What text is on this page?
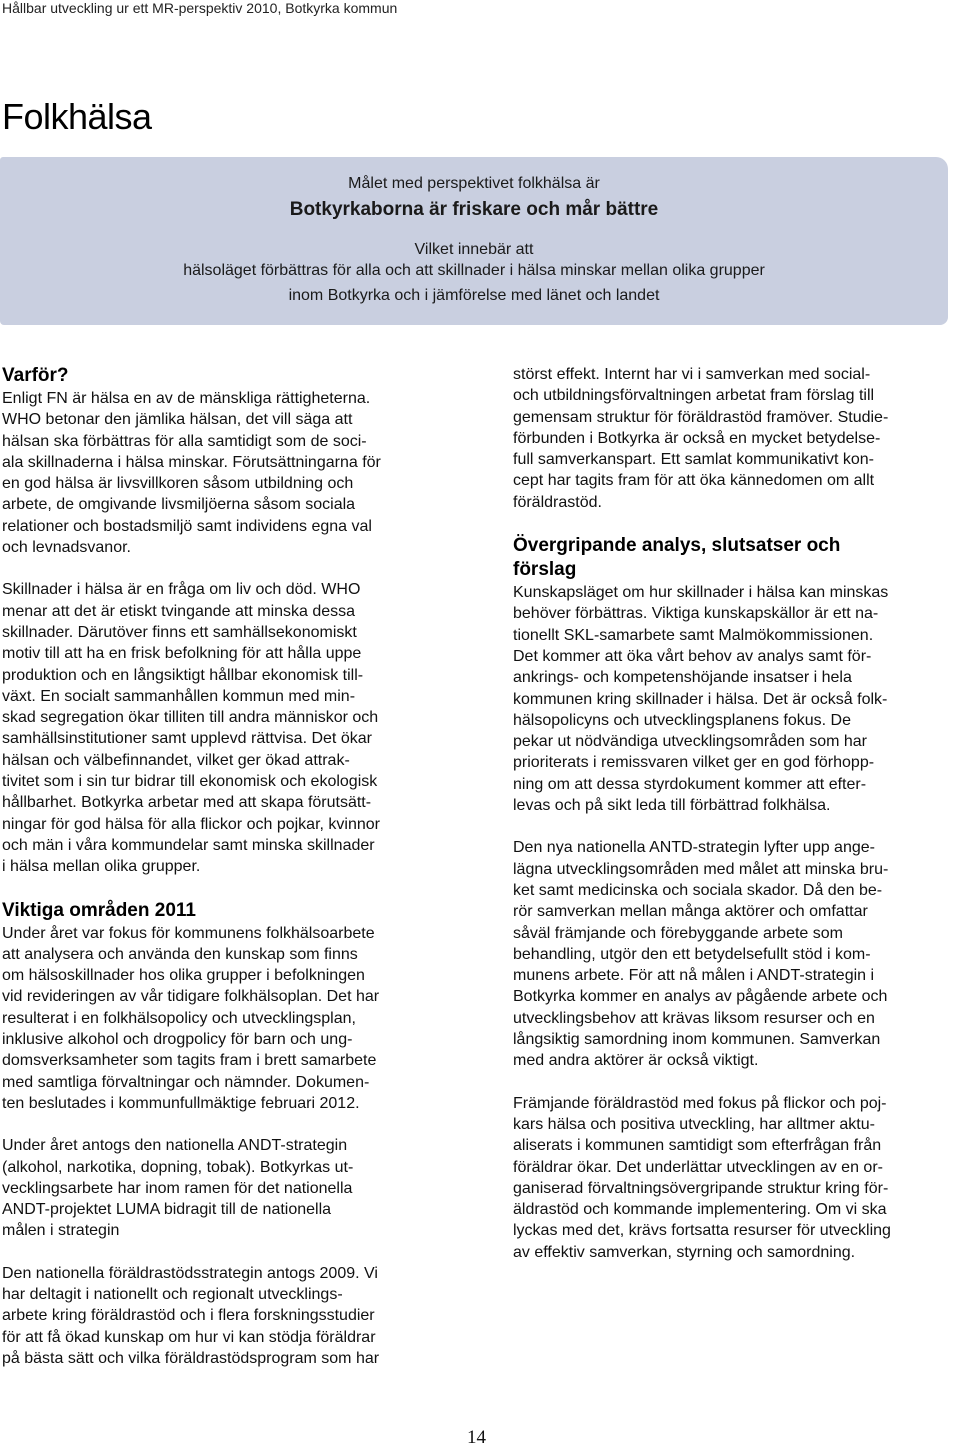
Hållbar utveckling ur ett MR-perspektiv 2010, Botkyrka kommun
Folkhälsa
Målet med perspektivet folkhälsa är
Botkyrkaborna är friskare och mår bättre
Vilket innebär att
hälsoläget förbättras för alla och att skillnader i hälsa minskar mellan olika grupper
inom Botkyrka och i jämförelse med länet och landet
Varför?

Enligt FN är hälsa en av de mänskliga rättigheterna.
WHO betonar den jämlika hälsan, det vill säga att
hälsan ska förbättras för alla samtidigt som de soci-
ala skillnaderna i hälsa minskar. Förutsättningarna för
en god hälsa är livsvillkoren såsom utbildning och
arbete, de omgivande livsmiljöerna såsom sociala
relationer och bostadsmiljö samt individens egna val
och levnadsvanor.

Skillnader i hälsa är en fråga om liv och död. WHO
menar att det är etiskt tvingande att minska dessa
skillnader. Därutöver finns ett samhällsekonomiskt
motiv till att ha en frisk befolkning för att hålla uppe
produktion och en långsiktigt hållbar ekonomisk till-
växt. En socialt sammanhållen kommun med min-
skad segregation ökar tilliten till andra människor och
samhällsinstitutioner samt upplevd rättvisa. Det ökar
hälsan och välbefinnandet, vilket ger ökad attrak-
tivitet som i sin tur bidrar till ekonomisk och ekologisk
hållbarhet. Botkyrka arbetar med att skapa förutsätt-
ningar för god hälsa för alla flickor och pojkar, kvinnor
och män i våra kommundelar samt minska skillnader
i hälsa mellan olika grupper.

Viktiga områden 2011

Under året var fokus för kommunens folkhälsoarbete
att analysera och använda den kunskap som finns
om hälsoskillnader hos olika grupper i befolkningen
vid revideringen av vår tidigare folkhälsoplan. Det har
resulterat i en folkhälsopolicy och utvecklingsplan,
inklusive alkohol och drogpolicy för barn och ung-
domsverksamheter som tagits fram i brett samarbete
med samtliga förvaltningar och nämnder. Dokumen-
ten beslutades i kommunfullmäktige februari 2012.

Under året antogs den nationella ANDT-strategin
(alkohol, narkotika, dopning, tobak). Botkyrkas ut-
vecklingsarbete har inom ramen för det nationella
ANDT-projektet LUMA bidragit till de nationella
målen i strategin

Den nationella föräldrastödsstrategin antogs 2009. Vi
har deltagit i nationellt och regionalt utvecklings-
arbete kring föräldrastöd och i flera forskningsstudier
för att få ökad kunskap om hur vi kan stödja föräldrar
på bästa sätt och vilka föräldrastödsprogram som har

störst effekt. Internt har vi i samverkan med social-
och utbildningsförvaltningen arbetat fram förslag till
gemensam struktur för föräldrastöd framöver. Studie-
förbunden i Botkyrka är också en mycket betydelse-
full samverkanspart. Ett samlat kommunikativt kon-
cept har tagits fram för att öka kännedomen om allt
föräldrastöd.

Övergripande analys, slutsatser och
förslag

Kunskapsläget om hur skillnader i hälsa kan minskas
behöver förbättras. Viktiga kunskapskällor är ett na-
tionellt SKL-samarbete samt Malmökommissionen.
Det kommer att öka vårt behov av analys samt för-
ankrings- och kompetenshöjande insatser i hela
kommunen kring skillnader i hälsa. Det är också folk-
hälsopolicyns och utvecklingsplanens fokus. De
pekar ut nödvändiga utvecklingsområden som har
prioriterats i remissvaren vilket ger en god förhopp-
ning om att dessa styrdokument kommer att efter-
levas och på sikt leda till förbättrad folkhälsa.

Den nya nationella ANTD-strategin lyfter upp ange-
lägna utvecklingsområden med målet att minska bru-
ket samt medicinska och sociala skador. Då den be-
rör samverkan mellan många aktörer och omfattar
såväl främjande och förebyggande arbete som
behandling, utgör den ett betydelsefullt stöd i kom-
munens arbete. För att nå målen i ANDT-strategin i
Botkyrka kommer en analys av pågående arbete och
utvecklingsbehov att krävas liksom resurser och en
långsiktig samordning inom kommunen. Samverkan
med andra aktörer är också viktigt.

Främjande föräldrastöd med fokus på flickor och poj-
kars hälsa och positiva utveckling, har alltmer aktu-
aliserats i kommunen samtidigt som efterfrågan från
föräldrar ökar. Det underlättar utvecklingen av en or-
ganiserad förvaltningsövergripande struktur kring för-
äldrastöd och kommande implementering. Om vi ska
lyckas med det, krävs fortsatta resurser för utveckling
av effektiv samverkan, styrning och samordning.

14
